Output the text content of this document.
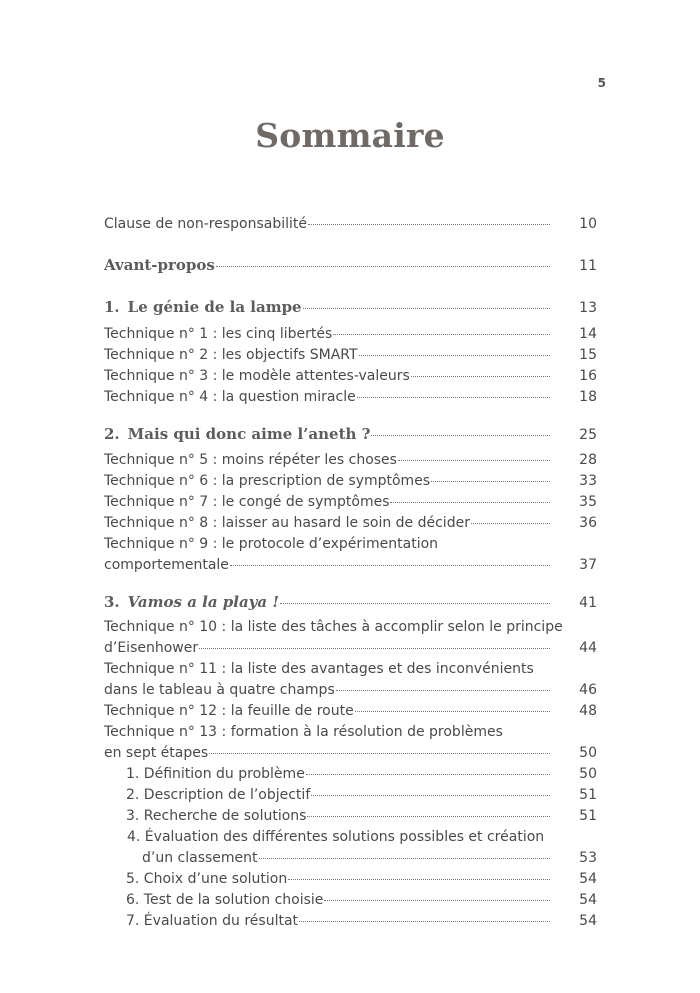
5
Sommaire
Clause de non-responsabilité	10
Avant-propos	11
1. Le génie de la lampe	13
Technique n° 1 : les cinq libertés	14
Technique n° 2 : les objectifs SMART	15
Technique n° 3 : le modèle attentes-valeurs	16
Technique n° 4 : la question miracle	18
2. Mais qui donc aime l’aneth ?	25
Technique n° 5 : moins répéter les choses	28
Technique n° 6 : la prescription de symptômes	33
Technique n° 7 : le congé de symptômes	35
Technique n° 8 : laisser au hasard le soin de décider	36
Technique n° 9 : le protocole d’expérimentation
comportementale	37
3. Vamos a la playa !	41
Technique n° 10 : la liste des tâches à accomplir selon le principe
d’Eisenhower	44
Technique n° 11 : la liste des avantages et des inconvénients
dans le tableau à quatre champs	46
Technique n° 12 : la feuille de route	48
Technique n° 13 : formation à la résolution de problèmes
en sept étapes	50
1. Définition du problème	50
2. Description de l’objectif	51
3. Recherche de solutions	51
4. Évaluation des différentes solutions possibles et création
d’un classement	53
5. Choix d’une solution	54
6. Test de la solution choisie	54
7. Évaluation du résultat	54
